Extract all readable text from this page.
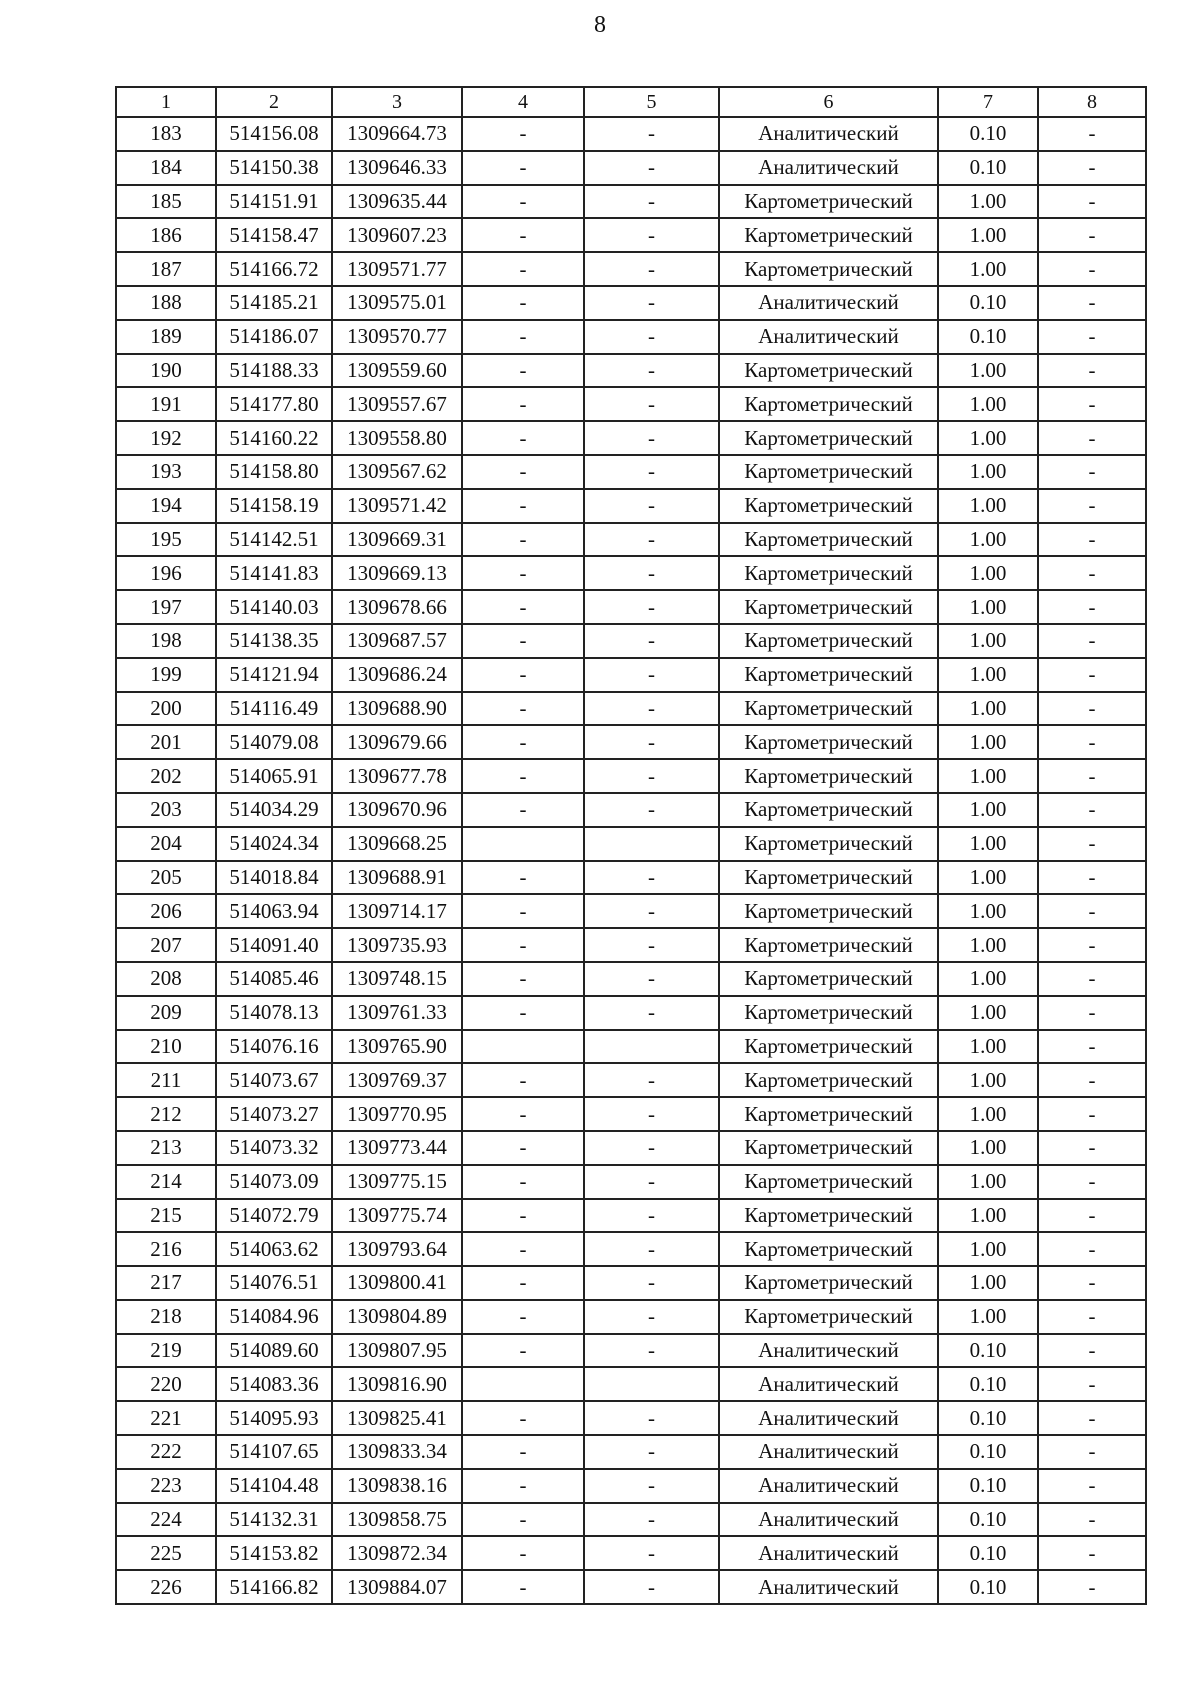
8
1	2	3	4	5	6	7	8
183	514156.08	1309664.73	-	-	Аналитический	0.10	-
184	514150.38	1309646.33	-	-	Аналитический	0.10	-
185	514151.91	1309635.44	-	-	Картометрический	1.00	-
186	514158.47	1309607.23	-	-	Картометрический	1.00	-
187	514166.72	1309571.77	-	-	Картометрический	1.00	-
188	514185.21	1309575.01	-	-	Аналитический	0.10	-
189	514186.07	1309570.77	-	-	Аналитический	0.10	-
190	514188.33	1309559.60	-	-	Картометрический	1.00	-
191	514177.80	1309557.67	-	-	Картометрический	1.00	-
192	514160.22	1309558.80	-	-	Картометрический	1.00	-
193	514158.80	1309567.62	-	-	Картометрический	1.00	-
194	514158.19	1309571.42	-	-	Картометрический	1.00	-
195	514142.51	1309669.31	-	-	Картометрический	1.00	-
196	514141.83	1309669.13	-	-	Картометрический	1.00	-
197	514140.03	1309678.66	-	-	Картометрический	1.00	-
198	514138.35	1309687.57	-	-	Картометрический	1.00	-
199	514121.94	1309686.24	-	-	Картометрический	1.00	-
200	514116.49	1309688.90	-	-	Картометрический	1.00	-
201	514079.08	1309679.66	-	-	Картометрический	1.00	-
202	514065.91	1309677.78	-	-	Картометрический	1.00	-
203	514034.29	1309670.96	-	-	Картометрический	1.00	-
204	514024.34	1309668.25			Картометрический	1.00	-
205	514018.84	1309688.91	-	-	Картометрический	1.00	-
206	514063.94	1309714.17	-	-	Картометрический	1.00	-
207	514091.40	1309735.93	-	-	Картометрический	1.00	-
208	514085.46	1309748.15	-	-	Картометрический	1.00	-
209	514078.13	1309761.33	-	-	Картометрический	1.00	-
210	514076.16	1309765.90			Картометрический	1.00	-
211	514073.67	1309769.37	-	-	Картометрический	1.00	-
212	514073.27	1309770.95	-	-	Картометрический	1.00	-
213	514073.32	1309773.44	-	-	Картометрический	1.00	-
214	514073.09	1309775.15	-	-	Картометрический	1.00	-
215	514072.79	1309775.74	-	-	Картометрический	1.00	-
216	514063.62	1309793.64	-	-	Картометрический	1.00	-
217	514076.51	1309800.41	-	-	Картометрический	1.00	-
218	514084.96	1309804.89	-	-	Картометрический	1.00	-
219	514089.60	1309807.95	-	-	Аналитический	0.10	-
220	514083.36	1309816.90			Аналитический	0.10	-
221	514095.93	1309825.41	-	-	Аналитический	0.10	-
222	514107.65	1309833.34	-	-	Аналитический	0.10	-
223	514104.48	1309838.16	-	-	Аналитический	0.10	-
224	514132.31	1309858.75	-	-	Аналитический	0.10	-
225	514153.82	1309872.34	-	-	Аналитический	0.10	-
226	514166.82	1309884.07	-	-	Аналитический	0.10	-
